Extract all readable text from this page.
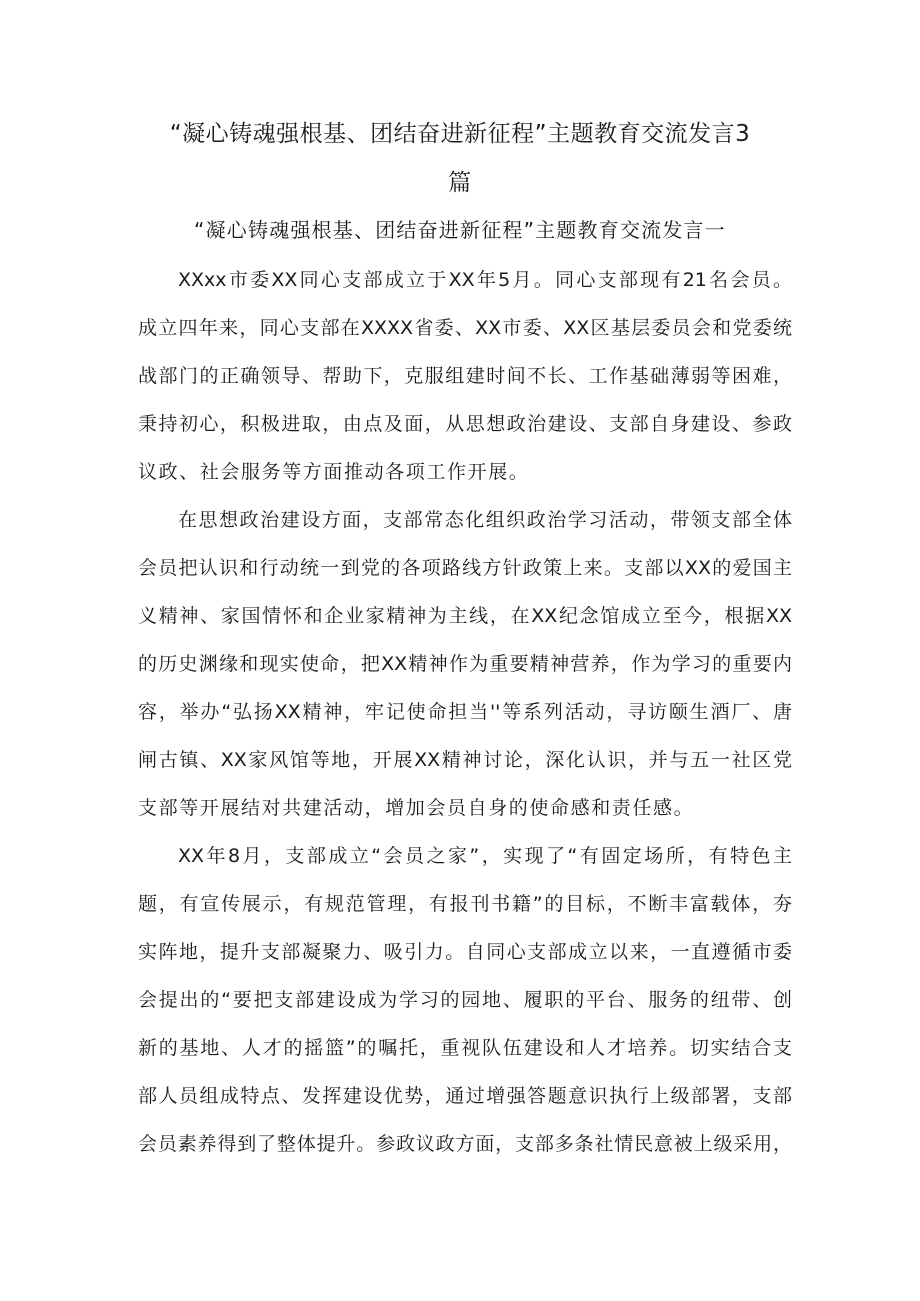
“凝心铸魂强根基、团结奋进新征程”主题教育交流发言3
篇
“凝心铸魂强根基、团结奋进新征程”主题教育交流发言一
XXxx市委XX同心支部成立于XX年5月。同心支部现有21名会员。
成立四年来，同心支部在XXXX省委、XX市委、XX区基层委员会和党委统
战部门的正确领导、帮助下，克服组建时间不长、工作基础薄弱等困难，
秉持初心，积极进取，由点及面，从思想政治建设、支部自身建设、参政
议政、社会服务等方面推动各项工作开展。
在思想政治建设方面，支部常态化组织政治学习活动，带领支部全体
会员把认识和行动统一到党的各项路线方针政策上来。支部以XX的爱国主
义精神、家国情怀和企业家精神为主线，在XX纪念馆成立至今，根据XX
的历史渊缘和现实使命，把XX精神作为重要精神营养，作为学习的重要内
容，举办“弘扬XX精神，牢记使命担当''等系列活动，寻访颐生酒厂、唐
闸古镇、XX家风馆等地，开展XX精神讨论，深化认识，并与五一社区党
支部等开展结对共建活动，增加会员自身的使命感和责任感。
XX年8月，支部成立“会员之家”，实现了“有固定场所，有特色主
题，有宣传展示，有规范管理，有报刊书籍”的目标，不断丰富载体，夯
实阵地，提升支部凝聚力、吸引力。自同心支部成立以来，一直遵循市委
会提出的“要把支部建设成为学习的园地、履职的平台、服务的纽带、创
新的基地、人才的摇篮”的嘱托，重视队伍建设和人才培养。切实结合支
部人员组成特点、发挥建设优势，通过增强答题意识执行上级部署，支部
会员素养得到了整体提升。参政议政方面，支部多条社情民意被上级采用，
